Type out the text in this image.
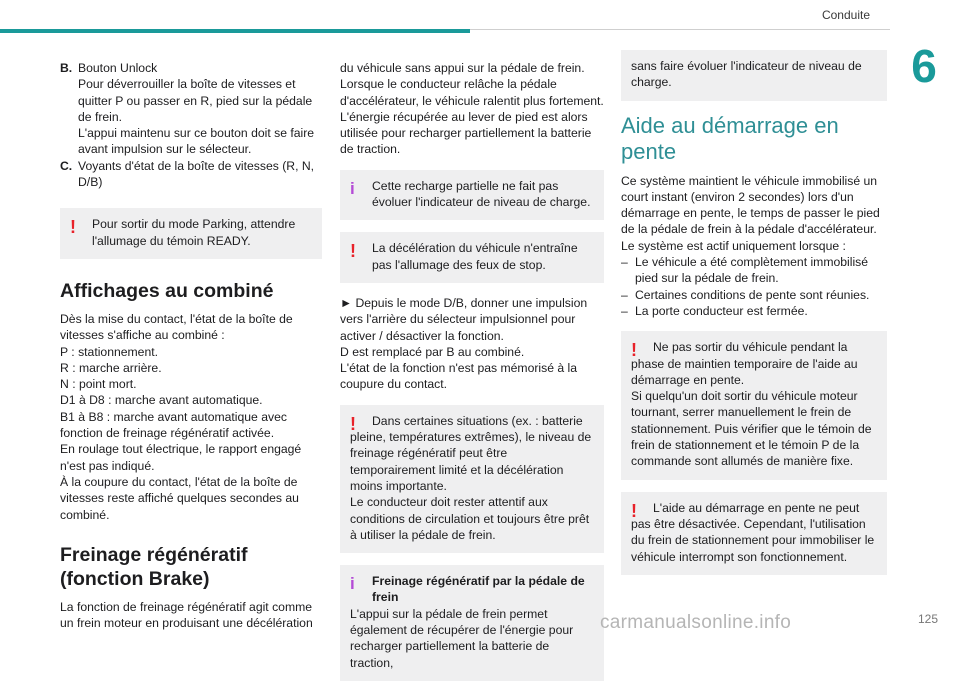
Conduite
6
B. Bouton Unlock

Pour déverrouiller la boîte de vitesses et quitter P ou passer en R, pied sur la pédale de frein.

L'appui maintenu sur ce bouton doit se faire avant impulsion sur le sélecteur.

C. Voyants d'état de la boîte de vitesses (R, N, D/B)

!	Pour sortir du mode Parking, attendre l'allumage du témoin READY.

Affichages au combiné

Dès la mise du contact, l'état de la boîte de vitesses s'affiche au combiné :

P : stationnement.

R : marche arrière.

N : point mort.

D1 à D8 : marche avant automatique.

B1 à B8 : marche avant automatique avec fonction de freinage régénératif activée.

En roulage tout électrique, le rapport engagé n'est pas indiqué.

À la coupure du contact, l'état de la boîte de vitesses reste affiché quelques secondes au combiné.

Freinage régénératif (fonction Brake)

La fonction de freinage régénératif agit comme un frein moteur en produisant une décélération

du véhicule sans appui sur la pédale de frein. Lorsque le conducteur relâche la pédale d'accélérateur, le véhicule ralentit plus fortement. L'énergie récupérée au lever de pied est alors utilisée pour recharger partiellement la batterie de traction.

i	Cette recharge partielle ne fait pas évoluer l'indicateur de niveau de charge.

!	La décélération du véhicule n'entraîne pas l'allumage des feux de stop.

► Depuis le mode D/B, donner une impulsion vers l'arrière du sélecteur impulsionnel pour activer / désactiver la fonction.

D est remplacé par B au combiné.

L'état de la fonction n'est pas mémorisé à la coupure du contact.

!	Dans certaines situations (ex. : batterie pleine, températures extrêmes), le niveau de freinage régénératif peut être temporairement limité et la décélération moins importante.

Le conducteur doit rester attentif aux conditions de circulation et toujours être prêt à utiliser la pédale de frein.

i	Freinage régénératif par la pédale de frein

L'appui sur la pédale de frein permet également de récupérer de l'énergie pour recharger partiellement la batterie de traction,

sans faire évoluer l'indicateur de niveau de charge.

Aide au démarrage en pente

Ce système maintient le véhicule immobilisé un court instant (environ 2 secondes) lors d'un démarrage en pente, le temps de passer le pied de la pédale de frein à la pédale d'accélérateur.

Le système est actif uniquement lorsque :

– Le véhicule a été complètement immobilisé pied sur la pédale de frein.

– Certaines conditions de pente sont réunies.

– La porte conducteur est fermée.

!	Ne pas sortir du véhicule pendant la phase de maintien temporaire de l'aide au démarrage en pente.

Si quelqu'un doit sortir du véhicule moteur tournant, serrer manuellement le frein de stationnement. Puis vérifier que le témoin de frein de stationnement et le témoin P de la commande sont allumés de manière fixe.

!	L'aide au démarrage en pente ne peut pas être désactivée. Cependant, l'utilisation du frein de stationnement pour immobiliser le véhicule interrompt son fonctionnement.

carmanualsonline.info	125
